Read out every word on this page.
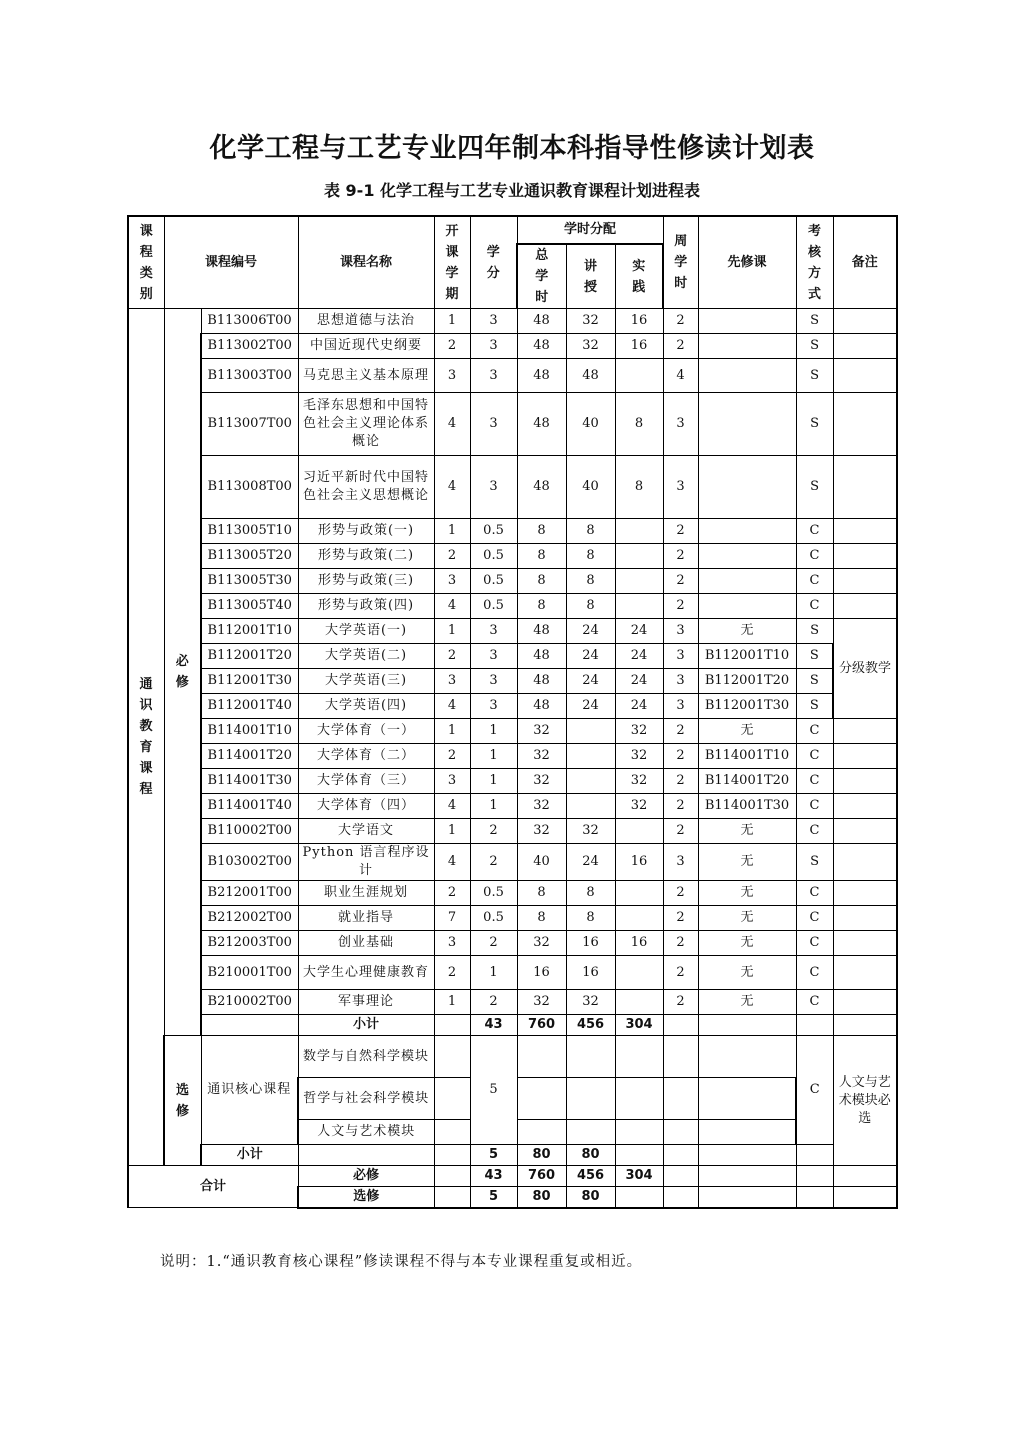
化学工程与工艺专业四年制本科指导性修读计划表
表 9-1 化学工程与工艺专业通识教育课程计划进程表
课程类别	课程编号		课程名称	开课学期	学分	学时分配			周学时	先修课	考核方式	备注	
						总学时	讲授	实践					
通识教育课程	必修	B113006T00	思想道德与法治	1	3	48	32	16	2		S		
		B113002T00	中国近现代史纲要	2	3	48	32	16	2		S		
		B113003T00	马克思主义基本原理	3	3	48	48		4		S		
		B113007T00	毛泽东思想和中国特色社会主义理论体系概论	4	3	48	40	8	3		S		
		B113008T00	习近平新时代中国特色社会主义思想概论	4	3	48	40	8	3		S		
		B113005T10	形势与政策(一)	1	0.5	8	8		2		C		
		B113005T20	形势与政策(二)	2	0.5	8	8		2		C		
		B113005T30	形势与政策(三)	3	0.5	8	8		2		C		
		B113005T40	形势与政策(四)	4	0.5	8	8		2		C		
		B112001T10	大学英语(一)	1	3	48	24	24	3	无	S	分级教学	
		B112001T20	大学英语(二)	2	3	48	24	24	3	B112001T10	S		
		B112001T30	大学英语(三)	3	3	48	24	24	3	B112001T20	S		
		B112001T40	大学英语(四)	4	3	48	24	24	3	B112001T30	S		
		B114001T10	大学体育（一）	1	1	32		32	2	无	C		
		B114001T20	大学体育（二）	2	1	32		32	2	B114001T10	C		
		B114001T30	大学体育（三）	3	1	32		32	2	B114001T20	C		
		B114001T40	大学体育（四）	4	1	32		32	2	B114001T30	C		
		B110002T00	大学语文	1	2	32	32		2	无	C		
		B103002T00	Python 语言程序设计	4	2	40	24	16	3	无	S		
		B212001T00	职业生涯规划	2	0.5	8	8		2	无	C		
		B212002T00	就业指导	7	0.5	8	8		2	无	C		
		B212003T00	创业基础	3	2	32	16	16	2	无	C		
		B210001T00	大学生心理健康教育	2	1	16	16		2	无	C		
		B210002T00	军事理论	1	2	32	32		2	无	C		
			小计		43	760	456	304					
	选修	通识核心课程	数学与自然科学模块		5						C	人文与艺术模块必选	
			哲学与社会科学模块										
			人文与艺术模块										
		小计			5	80	80						
合计			必修		43	760	456	304					
			选修		5	80	80						
说明：1.“通识教育核心课程”修读课程不得与本专业课程重复或相近。
